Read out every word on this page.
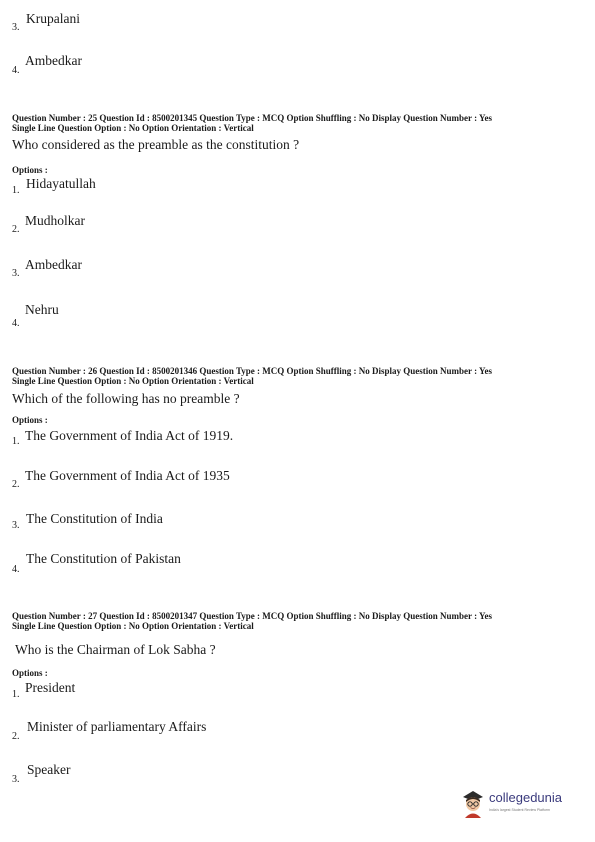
3.
Krupalani
4.
Ambedkar
Question Number : 25 Question Id : 8500201345 Question Type : MCQ Option Shuffling : No Display Question Number : Yes
Single Line Question Option : No Option Orientation : Vertical
Who considered as the preamble as the constitution ?
Options :
1. Hidayatullah
2.
Mudholkar
3.
Ambedkar
4.
Nehru
Question Number : 26 Question Id : 8500201346 Question Type : MCQ Option Shuffling : No Display Question Number : Yes
Single Line Question Option : No Option Orientation : Vertical
Which of the following has no preamble ?
Options :
1. The Government of India Act of 1919.
2.
The Government of India Act of 1935
3. The Constitution of India
4.
The Constitution of Pakistan
Question Number : 27 Question Id : 8500201347 Question Type : MCQ Option Shuffling : No Display Question Number : Yes
Single Line Question Option : No Option Orientation : Vertical
Who is the Chairman of Lok Sabha ?
Options :
1. President
2.
Minister of parliamentary Affairs
3.
Speaker
collegedunia
India's largest Student Review Platform
